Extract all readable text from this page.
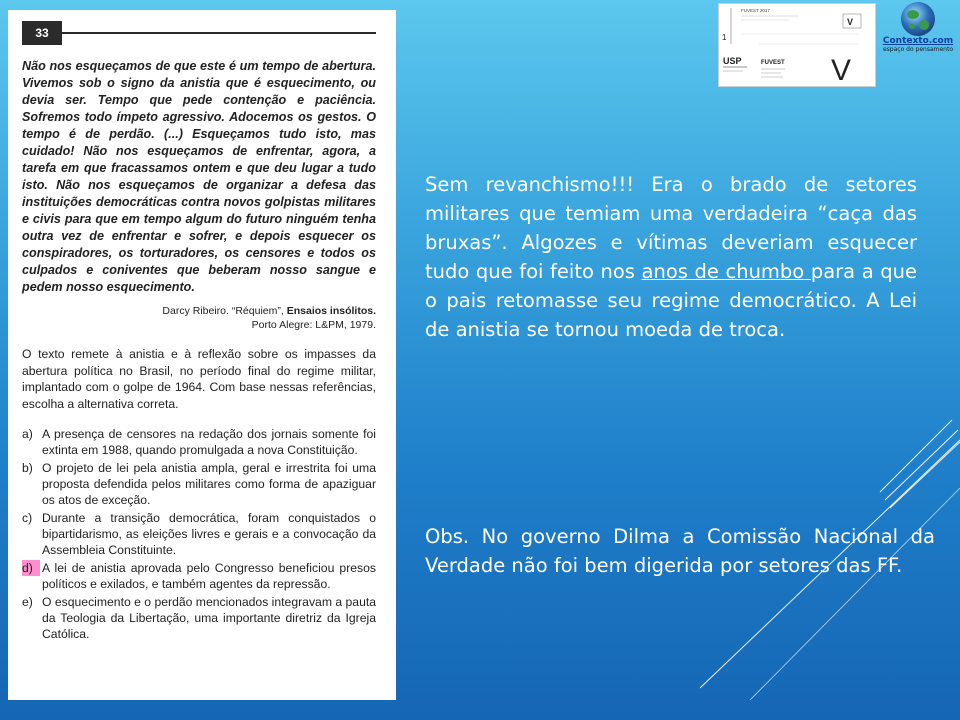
33
Não nos esqueçamos de que este é um tempo de abertura. Vivemos sob o signo da anistia que é esquecimento, ou devia ser. Tempo que pede contenção e paciência. Sofremos todo ímpeto agressivo. Adocemos os gestos. O tempo é de perdão. (...) Esqueçamos tudo isto, mas cuidado! Não nos esqueçamos de enfrentar, agora, a tarefa em que fracassamos ontem e que deu lugar a tudo isto. Não nos esqueçamos de organizar a defesa das instituições democráticas contra novos golpistas militares e civis para que em tempo algum do futuro ninguém tenha outra vez de enfrentar e sofrer, e depois esquecer os conspiradores, os torturadores, os censores e todos os culpados e coniventes que beberam nosso sangue e pedem nosso esquecimento.
Darcy Ribeiro. “Réquiem”, Ensaios insólitos.
Porto Alegre: L&PM, 1979.
O texto remete à anistia e à reflexão sobre os impasses da abertura política no Brasil, no período final do regime militar, implantado com o golpe de 1964. Com base nessas referências, escolha a alternativa correta.
a) A presença de censores na redação dos jornais somente foi extinta em 1988, quando promulgada a nova Constituição.
b) O projeto de lei pela anistia ampla, geral e irrestrita foi uma proposta defendida pelos militares como forma de apaziguar os atos de exceção.
c) Durante a transição democrática, foram conquistados o bipartidarismo, as eleições livres e gerais e a convocação da Assembleia Constituinte.
d) A lei de anistia aprovada pelo Congresso beneficiou presos políticos e exilados, e também agentes da repressão.
e) O esquecimento e o perdão mencionados integravam a pauta da Teologia da Libertação, uma importante diretriz da Igreja Católica.
1
FUVEST 2017
V
USP	FUVEST V
Contexto.com
espaço do pensamento
Sem revanchismo!!! Era o brado de setores militares que temiam uma verdadeira “caça das bruxas”. Algozes e vítimas deveriam esquecer tudo que foi feito nos anos de chumbo para a que o pais retomasse seu regime democrático. A Lei de anistia se tornou moeda de troca.
Obs. No governo Dilma a Comissão Nacional da Verdade não foi bem digerida por setores das FF.
